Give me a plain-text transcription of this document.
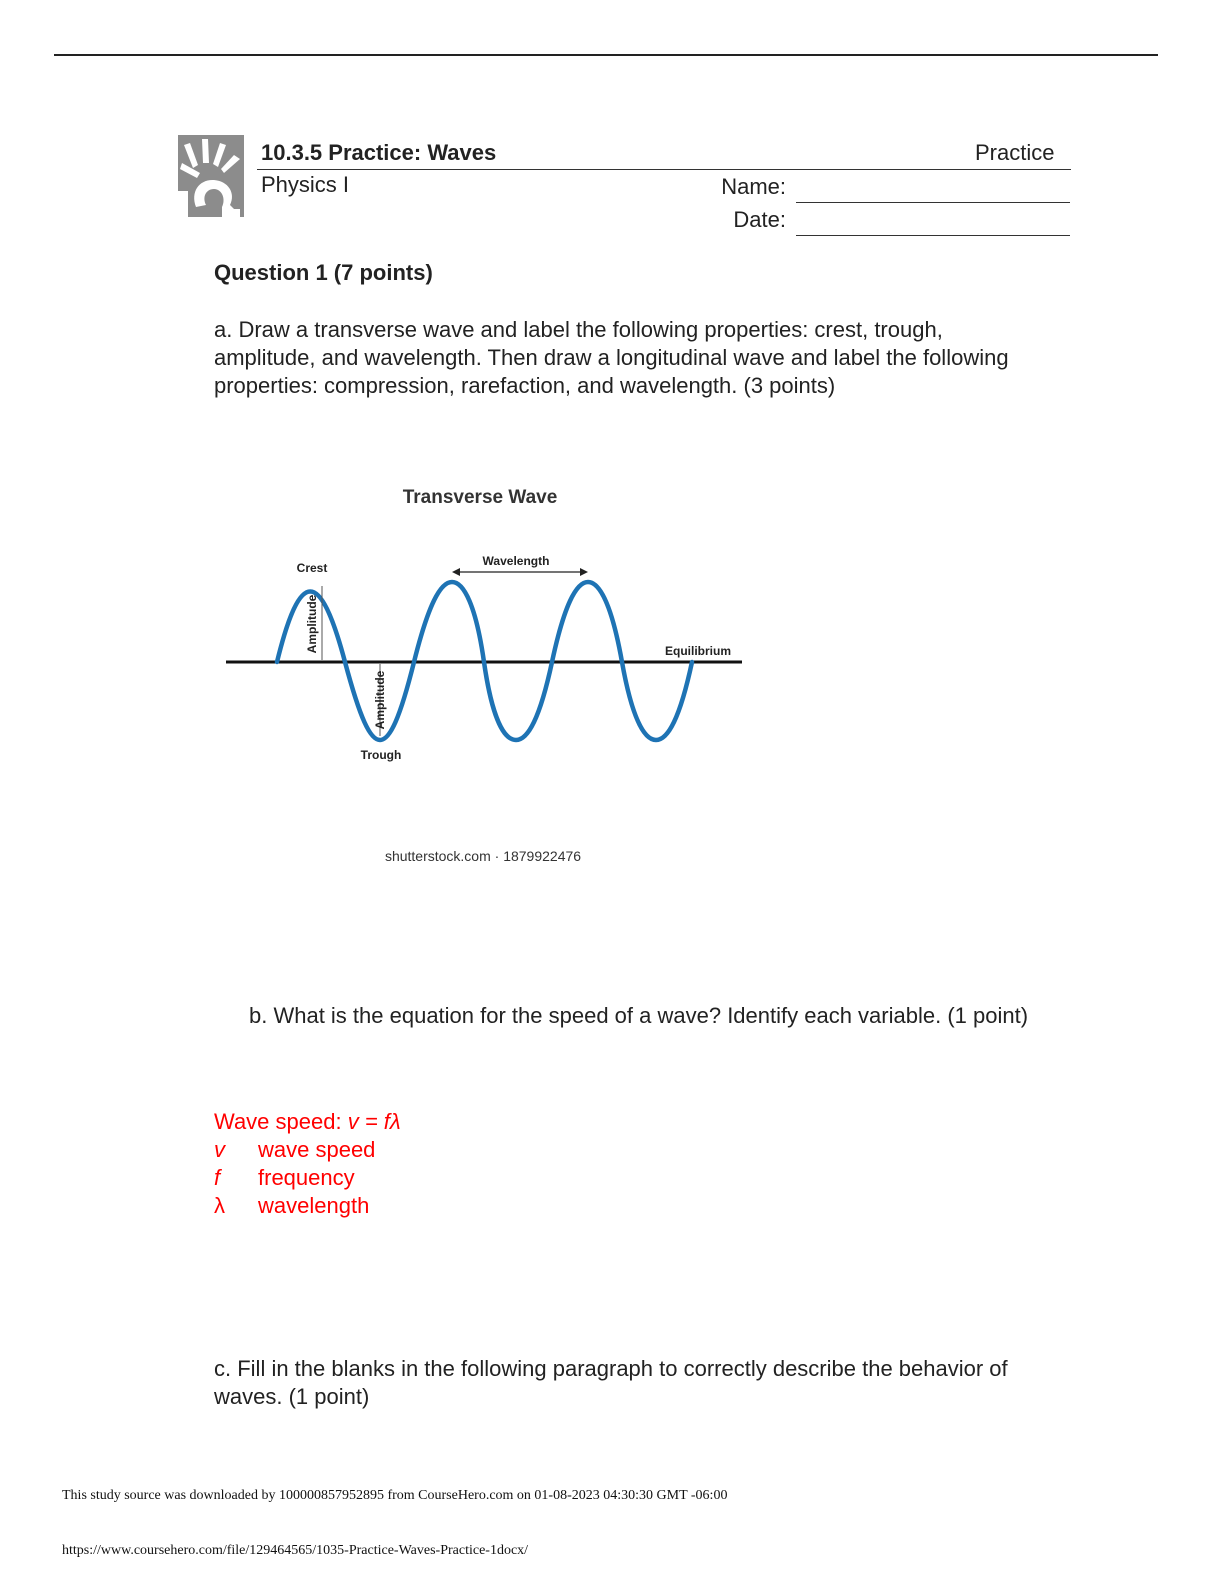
10.3.5 Practice: Waves	Practice
Physics I	Name:
Date:
Question 1 (7 points)
a. Draw a transverse wave and label the following properties: crest, trough, amplitude, and wavelength. Then draw a longitudinal wave and label the following properties: compression, rarefaction, and wavelength. (3 points)
Transverse Wave
Crest
Amplitude
Amplitude
Trough
Wavelength
Equilibrium
shutterstock.com · 1879922476
b. What is the equation for the speed of a wave? Identify each variable. (1 point)
Wave speed: v = fλ
v wave speed
f frequency
λ wavelength
c. Fill in the blanks in the following paragraph to correctly describe the behavior of waves. (1 point)
This study source was downloaded by 100000857952895 from CourseHero.com on 01-08-2023 04:30:30 GMT -06:00
https://www.coursehero.com/file/129464565/1035-Practice-Waves-Practice-1docx/
